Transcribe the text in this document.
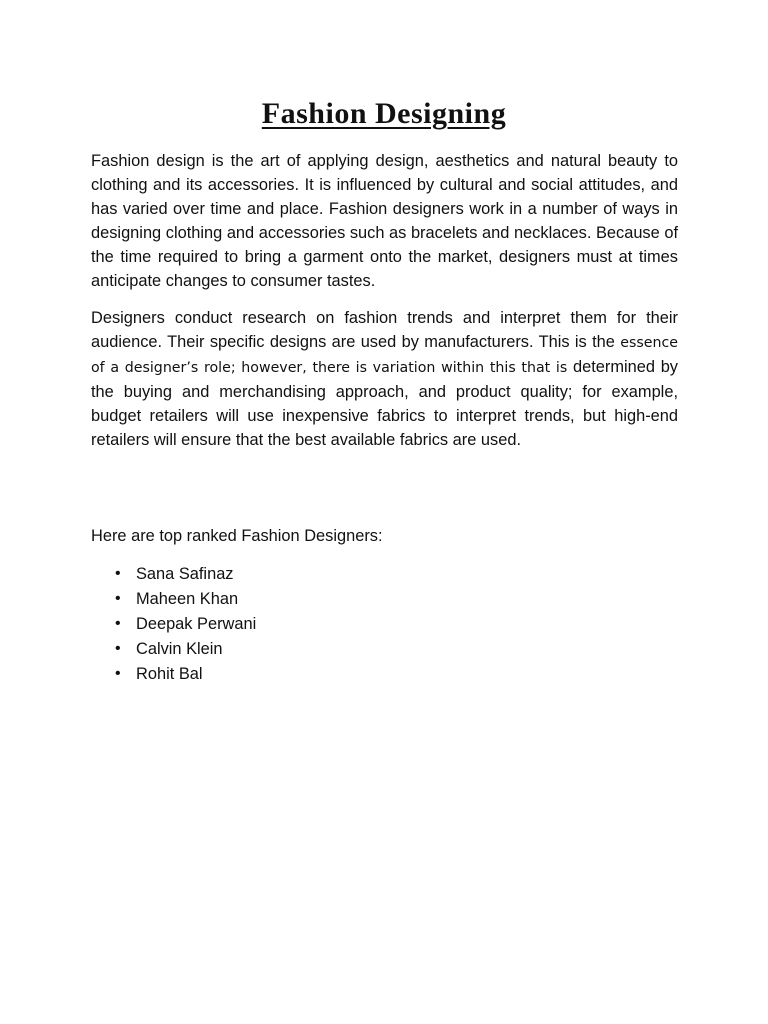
Fashion Designing

Fashion design is the art of applying design, aesthetics and natural beauty to clothing and its accessories. It is influenced by cultural and social attitudes, and has varied over time and place. Fashion designers work in a number of ways in designing clothing and accessories such as bracelets and necklaces. Because of the time required to bring a garment onto the market, designers must at times anticipate changes to consumer tastes.

Designers conduct research on fashion trends and interpret them for their audience. Their specific designs are used by manufacturers. This is the essence of a designer’s role; however, there is variation within this that is determined by the buying and merchandising approach, and product quality; for example, budget retailers will use inexpensive fabrics to interpret trends, but high-end retailers will ensure that the best available fabrics are used.

Here are top ranked Fashion Designers:

• Sana Safinaz
• Maheen Khan
• Deepak Perwani
• Calvin Klein
• Rohit Bal
